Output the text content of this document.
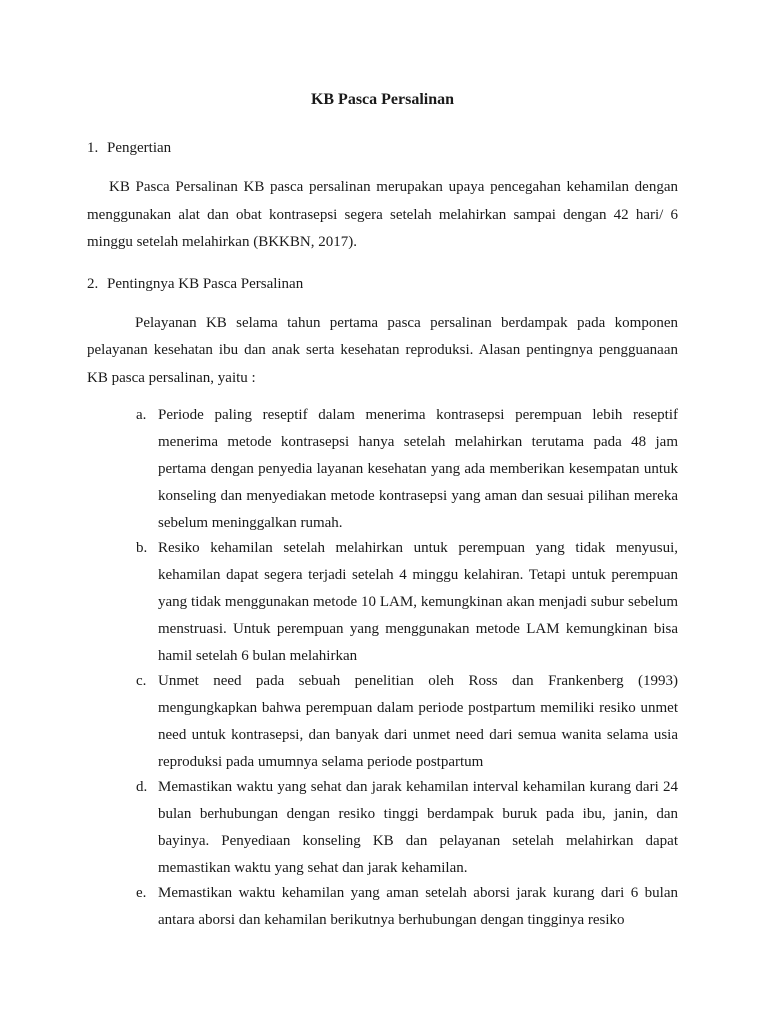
KB Pasca Persalinan
1. Pengertian

KB Pasca Persalinan KB pasca persalinan merupakan upaya pencegahan kehamilan dengan menggunakan alat dan obat kontrasepsi segera setelah melahirkan sampai dengan 42 hari/ 6 minggu setelah melahirkan (BKKBN, 2017).

2. Pentingnya KB Pasca Persalinan

Pelayanan KB selama tahun pertama pasca persalinan berdampak pada komponen pelayanan kesehatan ibu dan anak serta kesehatan reproduksi. Alasan pentingnya pengguanaan KB pasca persalinan, yaitu :

a. Periode paling reseptif dalam menerima kontrasepsi perempuan lebih reseptif menerima metode kontrasepsi hanya setelah melahirkan terutama pada 48 jam pertama dengan penyedia layanan kesehatan yang ada memberikan kesempatan untuk konseling dan menyediakan metode kontrasepsi yang aman dan sesuai pilihan mereka sebelum meninggalkan rumah.
b. Resiko kehamilan setelah melahirkan untuk perempuan yang tidak menyusui, kehamilan dapat segera terjadi setelah 4 minggu kelahiran. Tetapi untuk perempuan yang tidak menggunakan metode 10 LAM, kemungkinan akan menjadi subur sebelum menstruasi. Untuk perempuan yang menggunakan metode LAM kemungkinan bisa hamil setelah 6 bulan melahirkan
c. Unmet need pada sebuah penelitian oleh Ross dan Frankenberg (1993) mengungkapkan bahwa perempuan dalam periode postpartum memiliki resiko unmet need untuk kontrasepsi, dan banyak dari unmet need dari semua wanita selama usia reproduksi pada umumnya selama periode postpartum
d. Memastikan waktu yang sehat dan jarak kehamilan interval kehamilan kurang dari 24 bulan berhubungan dengan resiko tinggi berdampak buruk pada ibu, janin, dan bayinya. Penyediaan konseling KB dan pelayanan setelah melahirkan dapat memastikan waktu yang sehat dan jarak kehamilan.
e. Memastikan waktu kehamilan yang aman setelah aborsi jarak kurang dari 6 bulan antara aborsi dan kehamilan berikutnya berhubungan dengan tingginya resiko
